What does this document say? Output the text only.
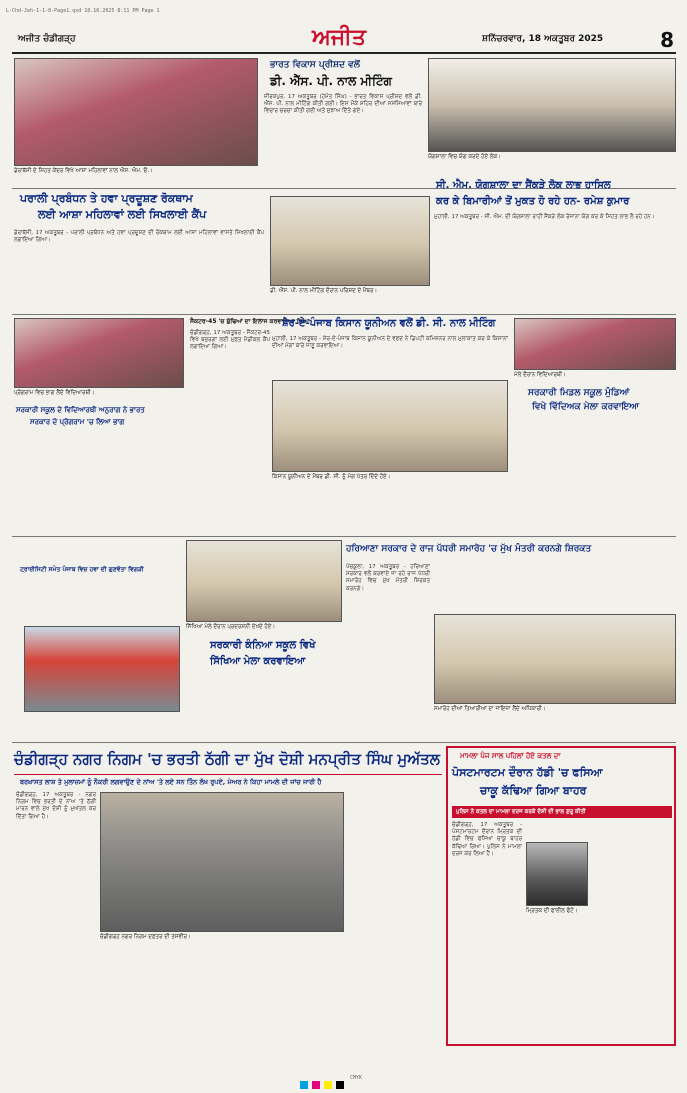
L-Chd-Jeh-1-1-8-Page1.qxd 18.10.2025 8:11 PM Page 1
ਅਜੀਤ ਚੰਡੀਗੜ੍ਹ	ਅਜੀਤ	ਸ਼ਨਿੱਚਰਵਾਰ, 18 ਅਕਤੂਬਰ 2025	8
ਡੇਰਾਬੱਸੀ ਦੇ ਸਿਹਤ ਕੇਂਦਰ ਵਿਖੇ ਆਸ਼ਾ ਮਹਿਲਾਵਾਂ ਨਾਲ ਐਸ. ਐਮ. ਓ.।
ਭਾਰਤ ਵਿਕਾਸ ਪ੍ਰੀਸ਼ਦ ਵਲੋਂ
ਡੀ. ਐੱਸ. ਪੀ. ਨਾਲ ਮੀਟਿੰਗ
ਜ਼ੀਰਕਪੁਰ, 17 ਅਕਤੂਬਰ (ਹੇਮੰਤ ਸਿੰਘ) - ਭਾਰਤ ਵਿਕਾਸ ਪ੍ਰੀਸ਼ਦ ਵਲੋਂ ਡੀ. ਐੱਸ. ਪੀ. ਨਾਲ ਮੀਟਿੰਗ ਕੀਤੀ ਗਈ। ਇਸ ਮੌਕੇ ਸ਼ਹਿਰ ਦੀਆਂ ਸਮੱਸਿਆਵਾਂ ਬਾਰੇ ਵਿਚਾਰ ਚਰਚਾ ਕੀਤੀ ਗਈ ਅਤੇ ਸੁਝਾਅ ਦਿੱਤੇ ਗਏ।
ਯੋਗਸ਼ਾਲਾ ਵਿਚ ਯੋਗ ਕਰਦੇ ਹੋਏ ਲੋਕ।
ਪਰਾਲੀ ਪ੍ਰਬੰਧਨ ਤੇ ਹਵਾ ਪ੍ਰਦੂਸ਼ਣ ਰੋਕਥਾਮ
ਲਈ ਆਸ਼ਾ ਮਹਿਲਾਵਾਂ ਲਈ ਸਿਖਲਾਈ ਕੈਂਪ
ਡੇਰਾਬੱਸੀ, 17 ਅਕਤੂਬਰ - ਪਰਾਲੀ ਪ੍ਰਬੰਧਨ ਅਤੇ ਹਵਾ ਪ੍ਰਦੂਸ਼ਣ ਦੀ ਰੋਕਥਾਮ ਲਈ ਆਸ਼ਾ ਮਹਿਲਾਵਾਂ ਵਾਸਤੇ ਸਿਖਲਾਈ ਕੈਂਪ ਲਗਾਇਆ ਗਿਆ।
ਡੀ. ਐੱਸ. ਪੀ. ਨਾਲ ਮੀਟਿੰਗ ਦੌਰਾਨ ਪਰਿਸ਼ਦ ਦੇ ਮੈਂਬਰ।
ਸੀ. ਐਮ. ਯੋਗਸ਼ਾਲਾ ਦਾ ਸੈਂਕੜੇ ਲੋਕ ਲਾਭ ਹਾਸਿਲ
ਕਰ ਕੇ ਬਿਮਾਰੀਆਂ ਤੋਂ ਮੁਕਤ ਹੋ ਰਹੇ ਹਨ- ਰਮੇਸ਼ ਕੁਮਾਰ
ਮੁਹਾਲੀ, 17 ਅਕਤੂਬਰ - ਸੀ. ਐਮ. ਦੀ ਯੋਗਸ਼ਾਲਾ ਰਾਹੀਂ ਸੈਂਕੜੇ ਲੋਕ ਰੋਜ਼ਾਨਾ ਯੋਗ ਕਰ ਕੇ ਸਿਹਤ ਲਾਭ ਲੈ ਰਹੇ ਹਨ।
ਪ੍ਰੋਗਰਾਮ ਵਿਚ ਭਾਗ ਲੈਂਦੇ ਵਿਦਿਆਰਥੀ।
ਸਰਕਾਰੀ ਸਕੂਲ ਦੇ ਵਿਦਿਆਰਥੀ ਅਨੁਰਾਗ ਨੇ ਭਾਰਤ
ਸਰਕਾਰ ਦੇ ਪ੍ਰੋਗਰਾਮ 'ਚ ਲਿਆ ਭਾਗ
ਸੈਕਟਰ-45 'ਚ ਬੁੱਢਿਆਂ ਦਾ ਇਲਾਜ ਕਰਵਾਇਆ ਗਿਆ
ਚੰਡੀਗੜ੍ਹ, 17 ਅਕਤੂਬਰ - ਸੈਕਟਰ-45 ਵਿਖੇ ਬਜ਼ੁਰਗਾਂ ਲਈ ਮੁਫ਼ਤ ਮੈਡੀਕਲ ਕੈਂਪ ਲਗਾਇਆ ਗਿਆ।
ਸ਼ੇਰ-ਏ-ਪੰਜਾਬ ਕਿਸਾਨ ਯੂਨੀਅਨ ਵਲੋਂ ਡੀ. ਸੀ. ਨਾਲ ਮੀਟਿੰਗ
ਮੁਹਾਲੀ, 17 ਅਕਤੂਬਰ - ਸ਼ੇਰ-ਏ-ਪੰਜਾਬ ਕਿਸਾਨ ਯੂਨੀਅਨ ਦੇ ਵਫ਼ਦ ਨੇ ਡਿਪਟੀ ਕਮਿਸ਼ਨਰ ਨਾਲ ਮੁਲਾਕਾਤ ਕਰ ਕੇ ਕਿਸਾਨਾਂ ਦੀਆਂ ਮੰਗਾਂ ਬਾਰੇ ਜਾਣੂ ਕਰਵਾਇਆ।
ਕਿਸਾਨ ਯੂਨੀਅਨ ਦੇ ਮੈਂਬਰ ਡੀ. ਸੀ. ਨੂੰ ਮੰਗ ਪੱਤਰ ਦਿੰਦੇ ਹੋਏ।
ਮੇਲੇ ਦੌਰਾਨ ਵਿਦਿਆਰਥੀ।
ਸਰਕਾਰੀ ਮਿਡਲ ਸਕੂਲ ਮੁੰਡਿਆਂ
ਵਿਖੇ ਵਿੱਦਿਅਕ ਮੇਲਾ ਕਰਵਾਇਆ
ਟ੍ਰਾਈਸਿਟੀ ਸਮੇਤ ਪੰਜਾਬ ਵਿਚ ਹਵਾ ਦੀ ਗੁਣਵੱਤਾ ਵਿਗੜੀ
ਸਿੱਖਿਆ ਮੇਲੇ ਦੌਰਾਨ ਪ੍ਰਦਰਸ਼ਨੀ ਦੇਖਦੇ ਹੋਏ।
ਸਰਕਾਰੀ ਕੰਨਿਆ ਸਕੂਲ ਵਿਖੇ
ਸਿੱਖਿਆ ਮੇਲਾ ਕਰਵਾਇਆ
ਹਰਿਆਣਾ ਸਰਕਾਰ ਦੇ ਰਾਜ ਪੱਧਰੀ ਸਮਾਰੋਹ 'ਚ ਮੁੱਖ ਮੰਤਰੀ ਕਰਨਗੇ ਸ਼ਿਰਕਤ
ਪੰਚਕੂਲਾ, 17 ਅਕਤੂਬਰ - ਹਰਿਆਣਾ ਸਰਕਾਰ ਵਲੋਂ ਕਰਵਾਏ ਜਾ ਰਹੇ ਰਾਜ ਪੱਧਰੀ ਸਮਾਰੋਹ ਵਿਚ ਮੁੱਖ ਮੰਤਰੀ ਸ਼ਿਰਕਤ ਕਰਨਗੇ।
ਸਮਾਰੋਹ ਦੀਆਂ ਤਿਆਰੀਆਂ ਦਾ ਜਾਇਜ਼ਾ ਲੈਂਦੇ ਅਧਿਕਾਰੀ।
ਚੰਡੀਗੜ੍ਹ ਨਗਰ ਨਿਗਮ 'ਚ ਭਰਤੀ ਠੱਗੀ ਦਾ ਮੁੱਖ ਦੋਸ਼ੀ ਮਨਪ੍ਰੀਤ ਸਿੰਘ ਮੁਅੱਤਲ	ਮਾਮਲਾ ਪੰਜ ਸਾਲ ਪਹਿਲਾਂ ਹੋਏ ਕਤਲ ਦਾ
ਪੋਸਟਮਾਰਟਮ ਦੌਰਾਨ ਹੱਡੀ 'ਚ ਫਸਿਆ
ਚਾਕੂ ਕੱਢਿਆ ਗਿਆ ਬਾਹਰ
ਪੁਲਿਸ ਨੇ ਕਤਲ ਦਾ ਮਾਮਲਾ ਦਰਜ ਕਰਕੇ ਦੋਸ਼ੀ ਦੀ ਭਾਲ ਸ਼ੁਰੂ ਕੀਤੀ
ਚੰਡੀਗੜ੍ਹ, 17 ਅਕਤੂਬਰ - ਪੋਸਟਮਾਰਟਮ ਦੌਰਾਨ ਮ੍ਰਿਤਕ ਦੀ ਹੱਡੀ ਵਿਚ ਫਸਿਆ ਚਾਕੂ ਬਾਹਰ ਕੱਢਿਆ ਗਿਆ। ਪੁਲਿਸ ਨੇ ਮਾਮਲਾ ਦਰਜ ਕਰ ਲਿਆ ਹੈ।
ਮ੍ਰਿਤਕ ਦੀ ਫਾਈਲ ਫੋਟੋ।
ਬਰਖ਼ਾਸਤ ਲਾਸ਼ ਤੇ ਮੁਲਾਜ਼ਮਾਂ ਨੂੰ ਨੌਕਰੀ ਲਗਵਾਉਣ ਦੇ ਨਾਂਅ 'ਤੇ ਲਏ ਸਨ ਤਿੰਨ ਲੱਖ ਰੁਪਏ, ਮੇਅਰ ਨੇ ਕਿਹਾ ਮਾਮਲੇ ਦੀ ਜਾਂਚ ਜਾਰੀ ਹੈ
ਚੰਡੀਗੜ੍ਹ, 17 ਅਕਤੂਬਰ - ਨਗਰ ਨਿਗਮ ਵਿਚ ਭਰਤੀ ਦੇ ਨਾਂਅ 'ਤੇ ਠੱਗੀ ਮਾਰਨ ਵਾਲੇ ਮੁੱਖ ਦੋਸ਼ੀ ਨੂੰ ਮੁਅੱਤਲ ਕਰ ਦਿੱਤਾ ਗਿਆ ਹੈ।
ਚੰਡੀਗੜ੍ਹ ਨਗਰ ਨਿਗਮ ਦਫ਼ਤਰ ਦੀ ਤਸਵੀਰ।
CMYK
